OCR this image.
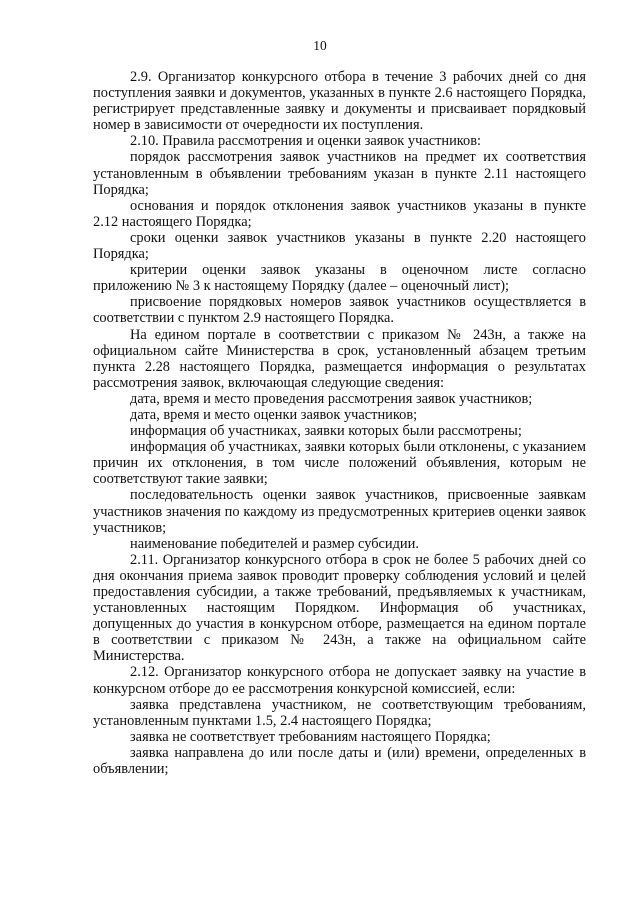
10

2.9. Организатор конкурсного отбора в течение 3 рабочих дней со дня поступления заявки и документов, указанных в пункте 2.6 настоящего Порядка, регистрирует представленные заявку и документы и присваивает порядковый номер в зависимости от очередности их поступления.

2.10. Правила рассмотрения и оценки заявок участников:

порядок рассмотрения заявок участников на предмет их соответствия установленным в объявлении требованиям указан в пункте 2.11 настоящего Порядка;

основания и порядок отклонения заявок участников указаны в пункте 2.12 настоящего Порядка;

сроки оценки заявок участников указаны в пункте 2.20 настоящего Порядка;

критерии оценки заявок указаны в оценочном листе согласно приложению № 3 к настоящему Порядку (далее – оценочный лист);

присвоение порядковых номеров заявок участников осуществляется в соответствии с пунктом 2.9 настоящего Порядка.

На едином портале в соответствии с приказом № 243н, а также на официальном сайте Министерства в срок, установленный абзацем третьим пункта 2.28 настоящего Порядка, размещается информация о результатах рассмотрения заявок, включающая следующие сведения:

дата, время и место проведения рассмотрения заявок участников;

дата, время и место оценки заявок участников;

информация об участниках, заявки которых были рассмотрены;

информация об участниках, заявки которых были отклонены, с указанием причин их отклонения, в том числе положений объявления, которым не соответствуют такие заявки;

последовательность оценки заявок участников, присвоенные заявкам участников значения по каждому из предусмотренных критериев оценки заявок участников;

наименование победителей и размер субсидии.

2.11. Организатор конкурсного отбора в срок не более 5 рабочих дней со дня окончания приема заявок проводит проверку соблюдения условий и целей предоставления субсидии, а также требований, предъявляемых к участникам, установленных настоящим Порядком. Информация об участниках, допущенных до участия в конкурсном отборе, размещается на едином портале в соответствии с приказом № 243н, а также на официальном сайте Министерства.

2.12. Организатор конкурсного отбора не допускает заявку на участие в конкурсном отборе до ее рассмотрения конкурсной комиссией, если:

заявка представлена участником, не соответствующим требованиям, установленным пунктами 1.5, 2.4 настоящего Порядка;

заявка не соответствует требованиям настоящего Порядка;

заявка направлена до или после даты и (или) времени, определенных в объявлении;
